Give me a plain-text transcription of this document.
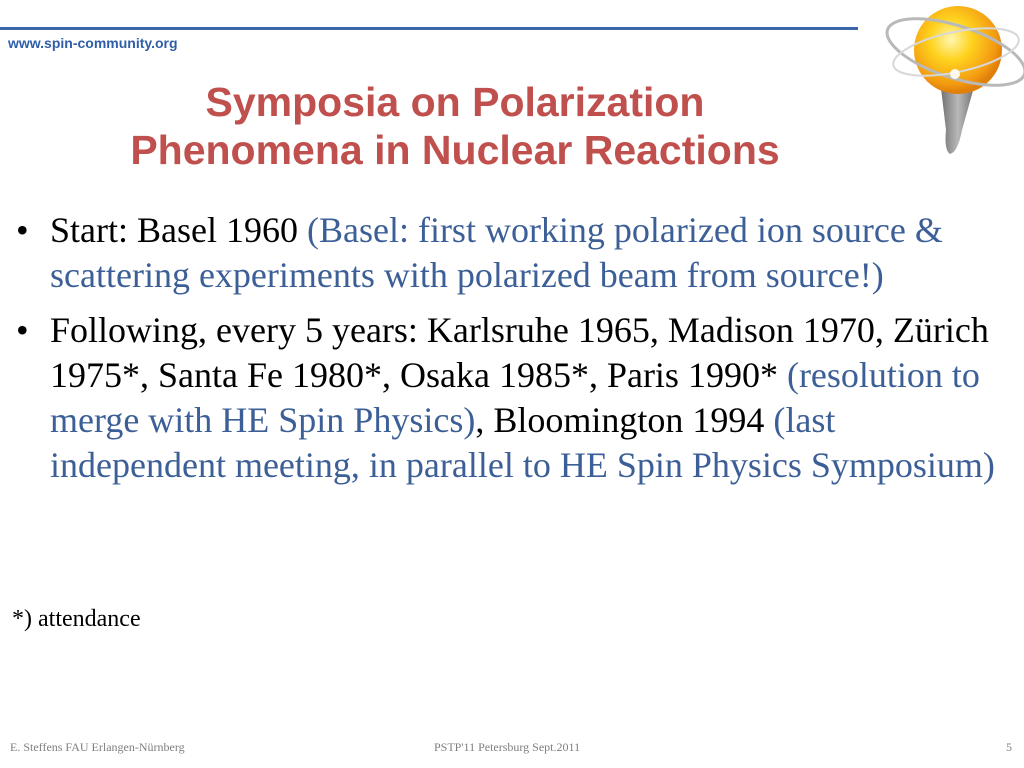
www.spin-community.org
Symposia on Polarization
Phenomena in Nuclear Reactions
• Start: Basel 1960 (Basel: first working polarized ion source & scattering experiments with polarized beam from source!)
• Following, every 5 years: Karlsruhe 1965, Madison 1970, Zürich 1975*, Santa Fe 1980*, Osaka 1985*, Paris 1990* (resolution to merge with HE Spin Physics), Bloomington 1994 (last independent meeting, in parallel to HE Spin Physics Symposium)
*) attendance
E. Steffens FAU Erlangen-Nürnberg	PSTP'11 Petersburg Sept.2011	5
